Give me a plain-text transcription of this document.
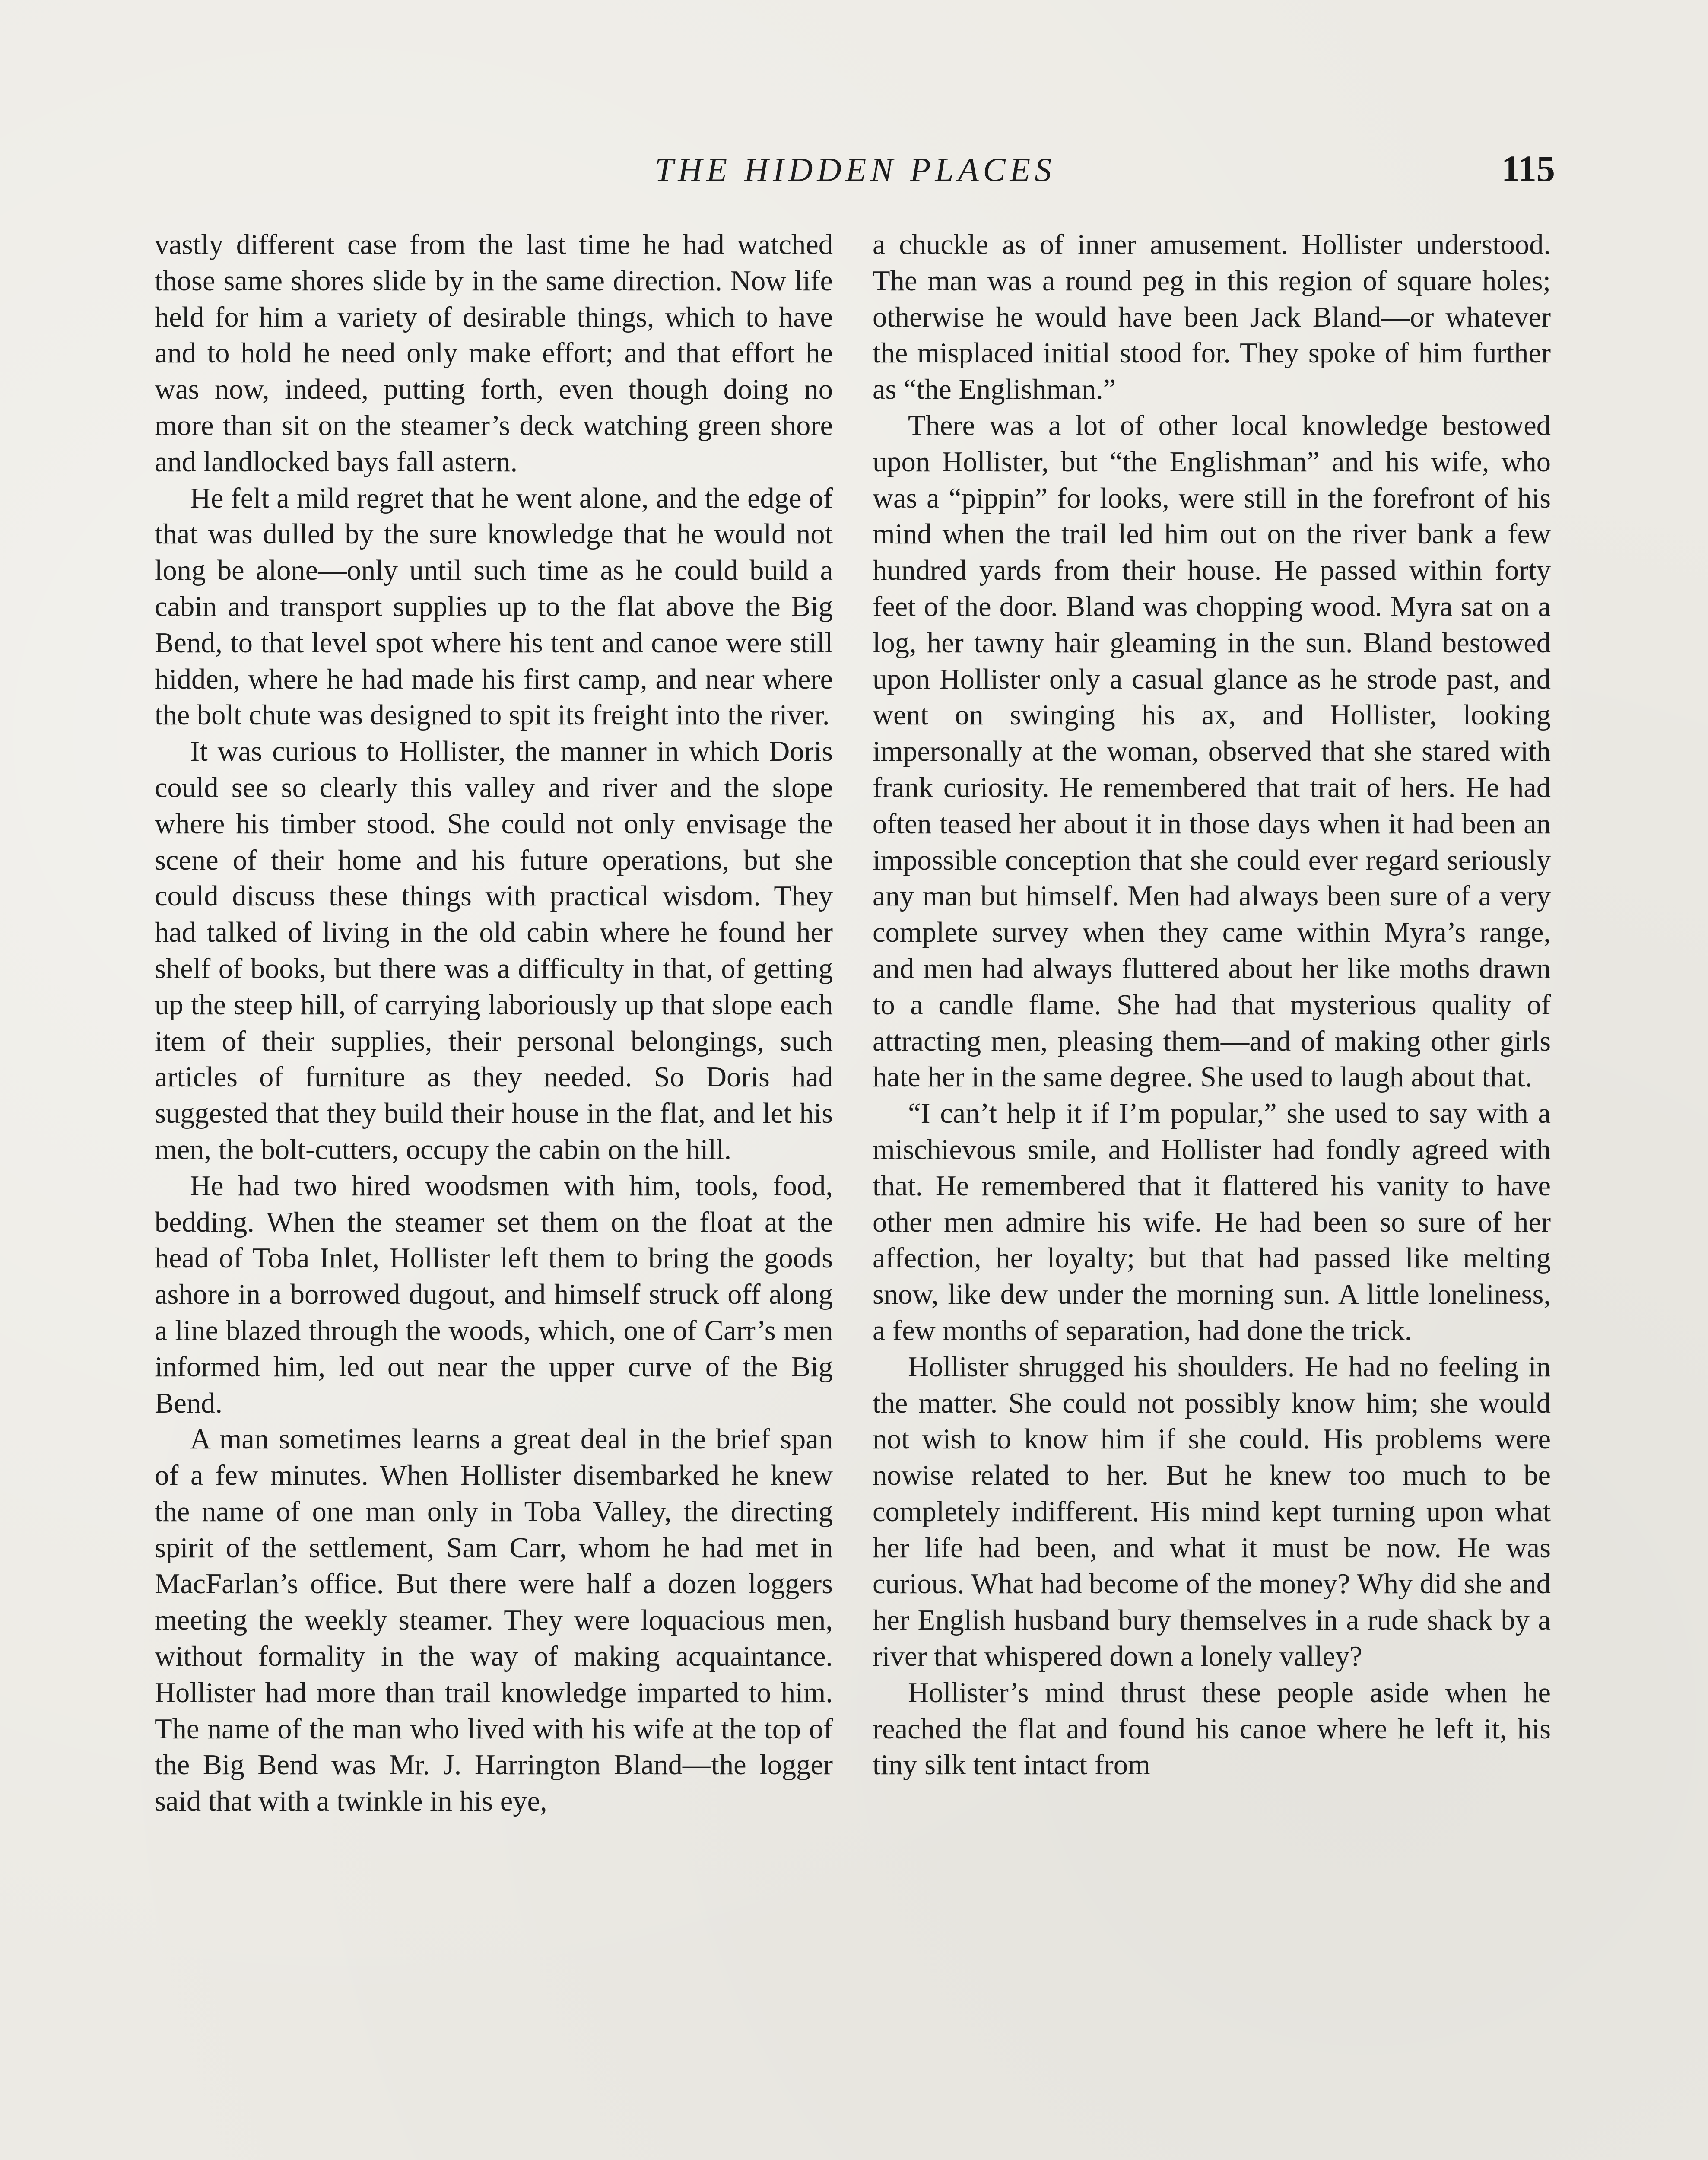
THE HIDDEN PLACES	115

vastly different case from the last time he had watched those same shores slide by in the same direction. Now life held for him a variety of desirable things, which to have and to hold he need only make effort; and that effort he was now, indeed, putting forth, even though doing no more than sit on the steamer’s deck watching green shore and landlocked bays fall astern.

He felt a mild regret that he went alone, and the edge of that was dulled by the sure knowledge that he would not long be alone—only until such time as he could build a cabin and transport supplies up to the flat above the Big Bend, to that level spot where his tent and canoe were still hidden, where he had made his first camp, and near where the bolt chute was designed to spit its freight into the river.

It was curious to Hollister, the manner in which Doris could see so clearly this valley and river and the slope where his timber stood. She could not only envisage the scene of their home and his future operations, but she could discuss these things with practical wisdom. They had talked of living in the old cabin where he found her shelf of books, but there was a difficulty in that, of getting up the steep hill, of carrying laboriously up that slope each item of their supplies, their personal belongings, such articles of furniture as they needed. So Doris had suggested that they build their house in the flat, and let his men, the bolt-cutters, occupy the cabin on the hill.

He had two hired woodsmen with him, tools, food, bedding. When the steamer set them on the float at the head of Toba Inlet, Hollister left them to bring the goods ashore in a borrowed dugout, and himself struck off along a line blazed through the woods, which, one of Carr’s men informed him, led out near the upper curve of the Big Bend.

A man sometimes learns a great deal in the brief span of a few minutes. When Hollister disembarked he knew the name of one man only in Toba Valley, the directing spirit of the settlement, Sam Carr, whom he had met in MacFarlan’s office. But there were half a dozen loggers meeting the weekly steamer. They were loquacious men, without formality in the way of making acquaintance. Hollister had more than trail knowledge imparted to him. The name of the man who lived with his wife at the top of the Big Bend was Mr. J. Harrington Bland—the logger said that with a twinkle in his eye,

a chuckle as of inner amusement. Hollister understood. The man was a round peg in this region of square holes; otherwise he would have been Jack Bland—or whatever the misplaced initial stood for. They spoke of him further as “the Englishman.”

There was a lot of other local knowledge bestowed upon Hollister, but “the Englishman” and his wife, who was a “pippin” for looks, were still in the forefront of his mind when the trail led him out on the river bank a few hundred yards from their house. He passed within forty feet of the door. Bland was chopping wood. Myra sat on a log, her tawny hair gleaming in the sun. Bland bestowed upon Hollister only a casual glance as he strode past, and went on swinging his ax, and Hollister, looking impersonally at the woman, observed that she stared with frank curiosity. He remembered that trait of hers. He had often teased her about it in those days when it had been an impossible conception that she could ever regard seriously any man but himself. Men had always been sure of a very complete survey when they came within Myra’s range, and men had always fluttered about her like moths drawn to a candle flame. She had that mysterious quality of attracting men, pleasing them—and of making other girls hate her in the same degree. She used to laugh about that.

“I can’t help it if I’m popular,” she used to say with a mischievous smile, and Hollister had fondly agreed with that. He remembered that it flattered his vanity to have other men admire his wife. He had been so sure of her affection, her loyalty; but that had passed like melting snow, like dew under the morning sun. A little loneliness, a few months of separation, had done the trick.

Hollister shrugged his shoulders. He had no feeling in the matter. She could not possibly know him; she would not wish to know him if she could. His problems were nowise related to her. But he knew too much to be completely indifferent. His mind kept turning upon what her life had been, and what it must be now. He was curious. What had become of the money? Why did she and her English husband bury themselves in a rude shack by a river that whispered down a lonely valley?

Hollister’s mind thrust these people aside when he reached the flat and found his canoe where he left it, his tiny silk tent intact from
